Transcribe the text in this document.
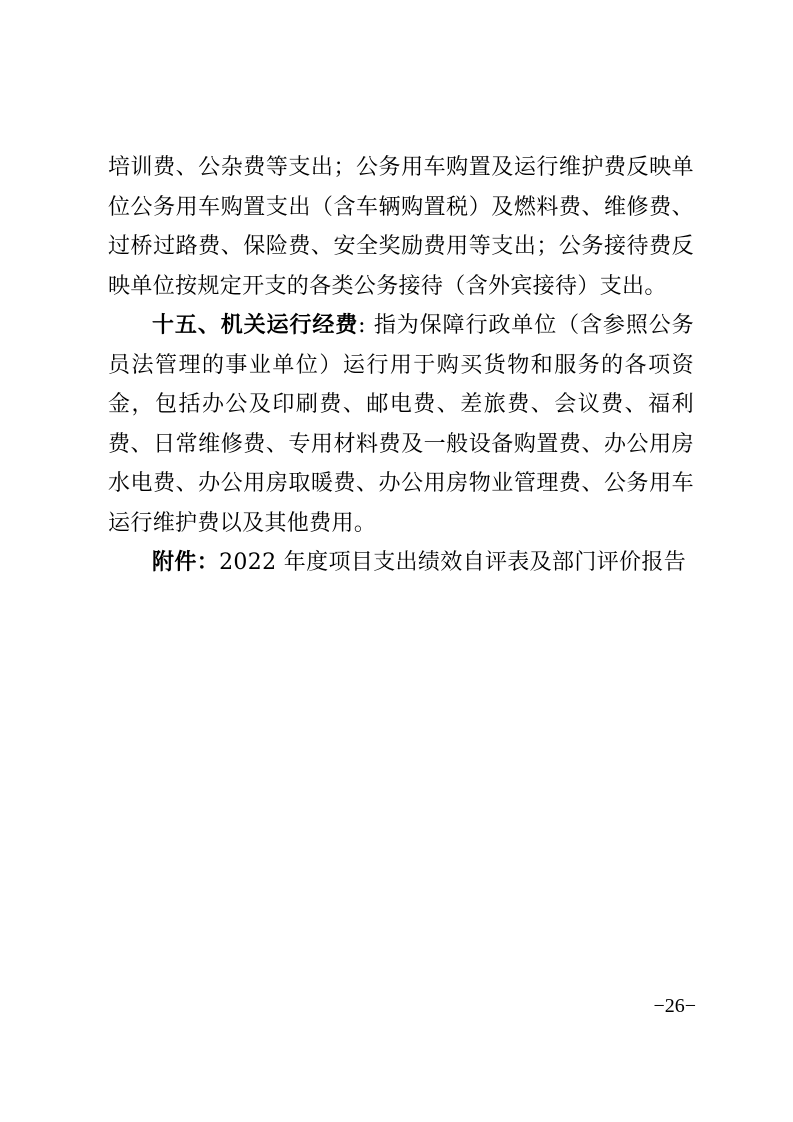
培训费、公杂费等支出；公务用车购置及运行维护费反映单位公务用车购置支出（含车辆购置税）及燃料费、维修费、过桥过路费、保险费、安全奖励费用等支出；公务接待费反映单位按规定开支的各类公务接待（含外宾接待）支出。

十五、机关运行经费: 指为保障行政单位（含参照公务员法管理的事业单位）运行用于购买货物和服务的各项资金，包括办公及印刷费、邮电费、差旅费、会议费、福利费、日常维修费、专用材料费及一般设备购置费、办公用房水电费、办公用房取暖费、办公用房物业管理费、公务用车运行维护费以及其他费用。

附件：2022 年度项目支出绩效自评表及部门评价报告

−26−
